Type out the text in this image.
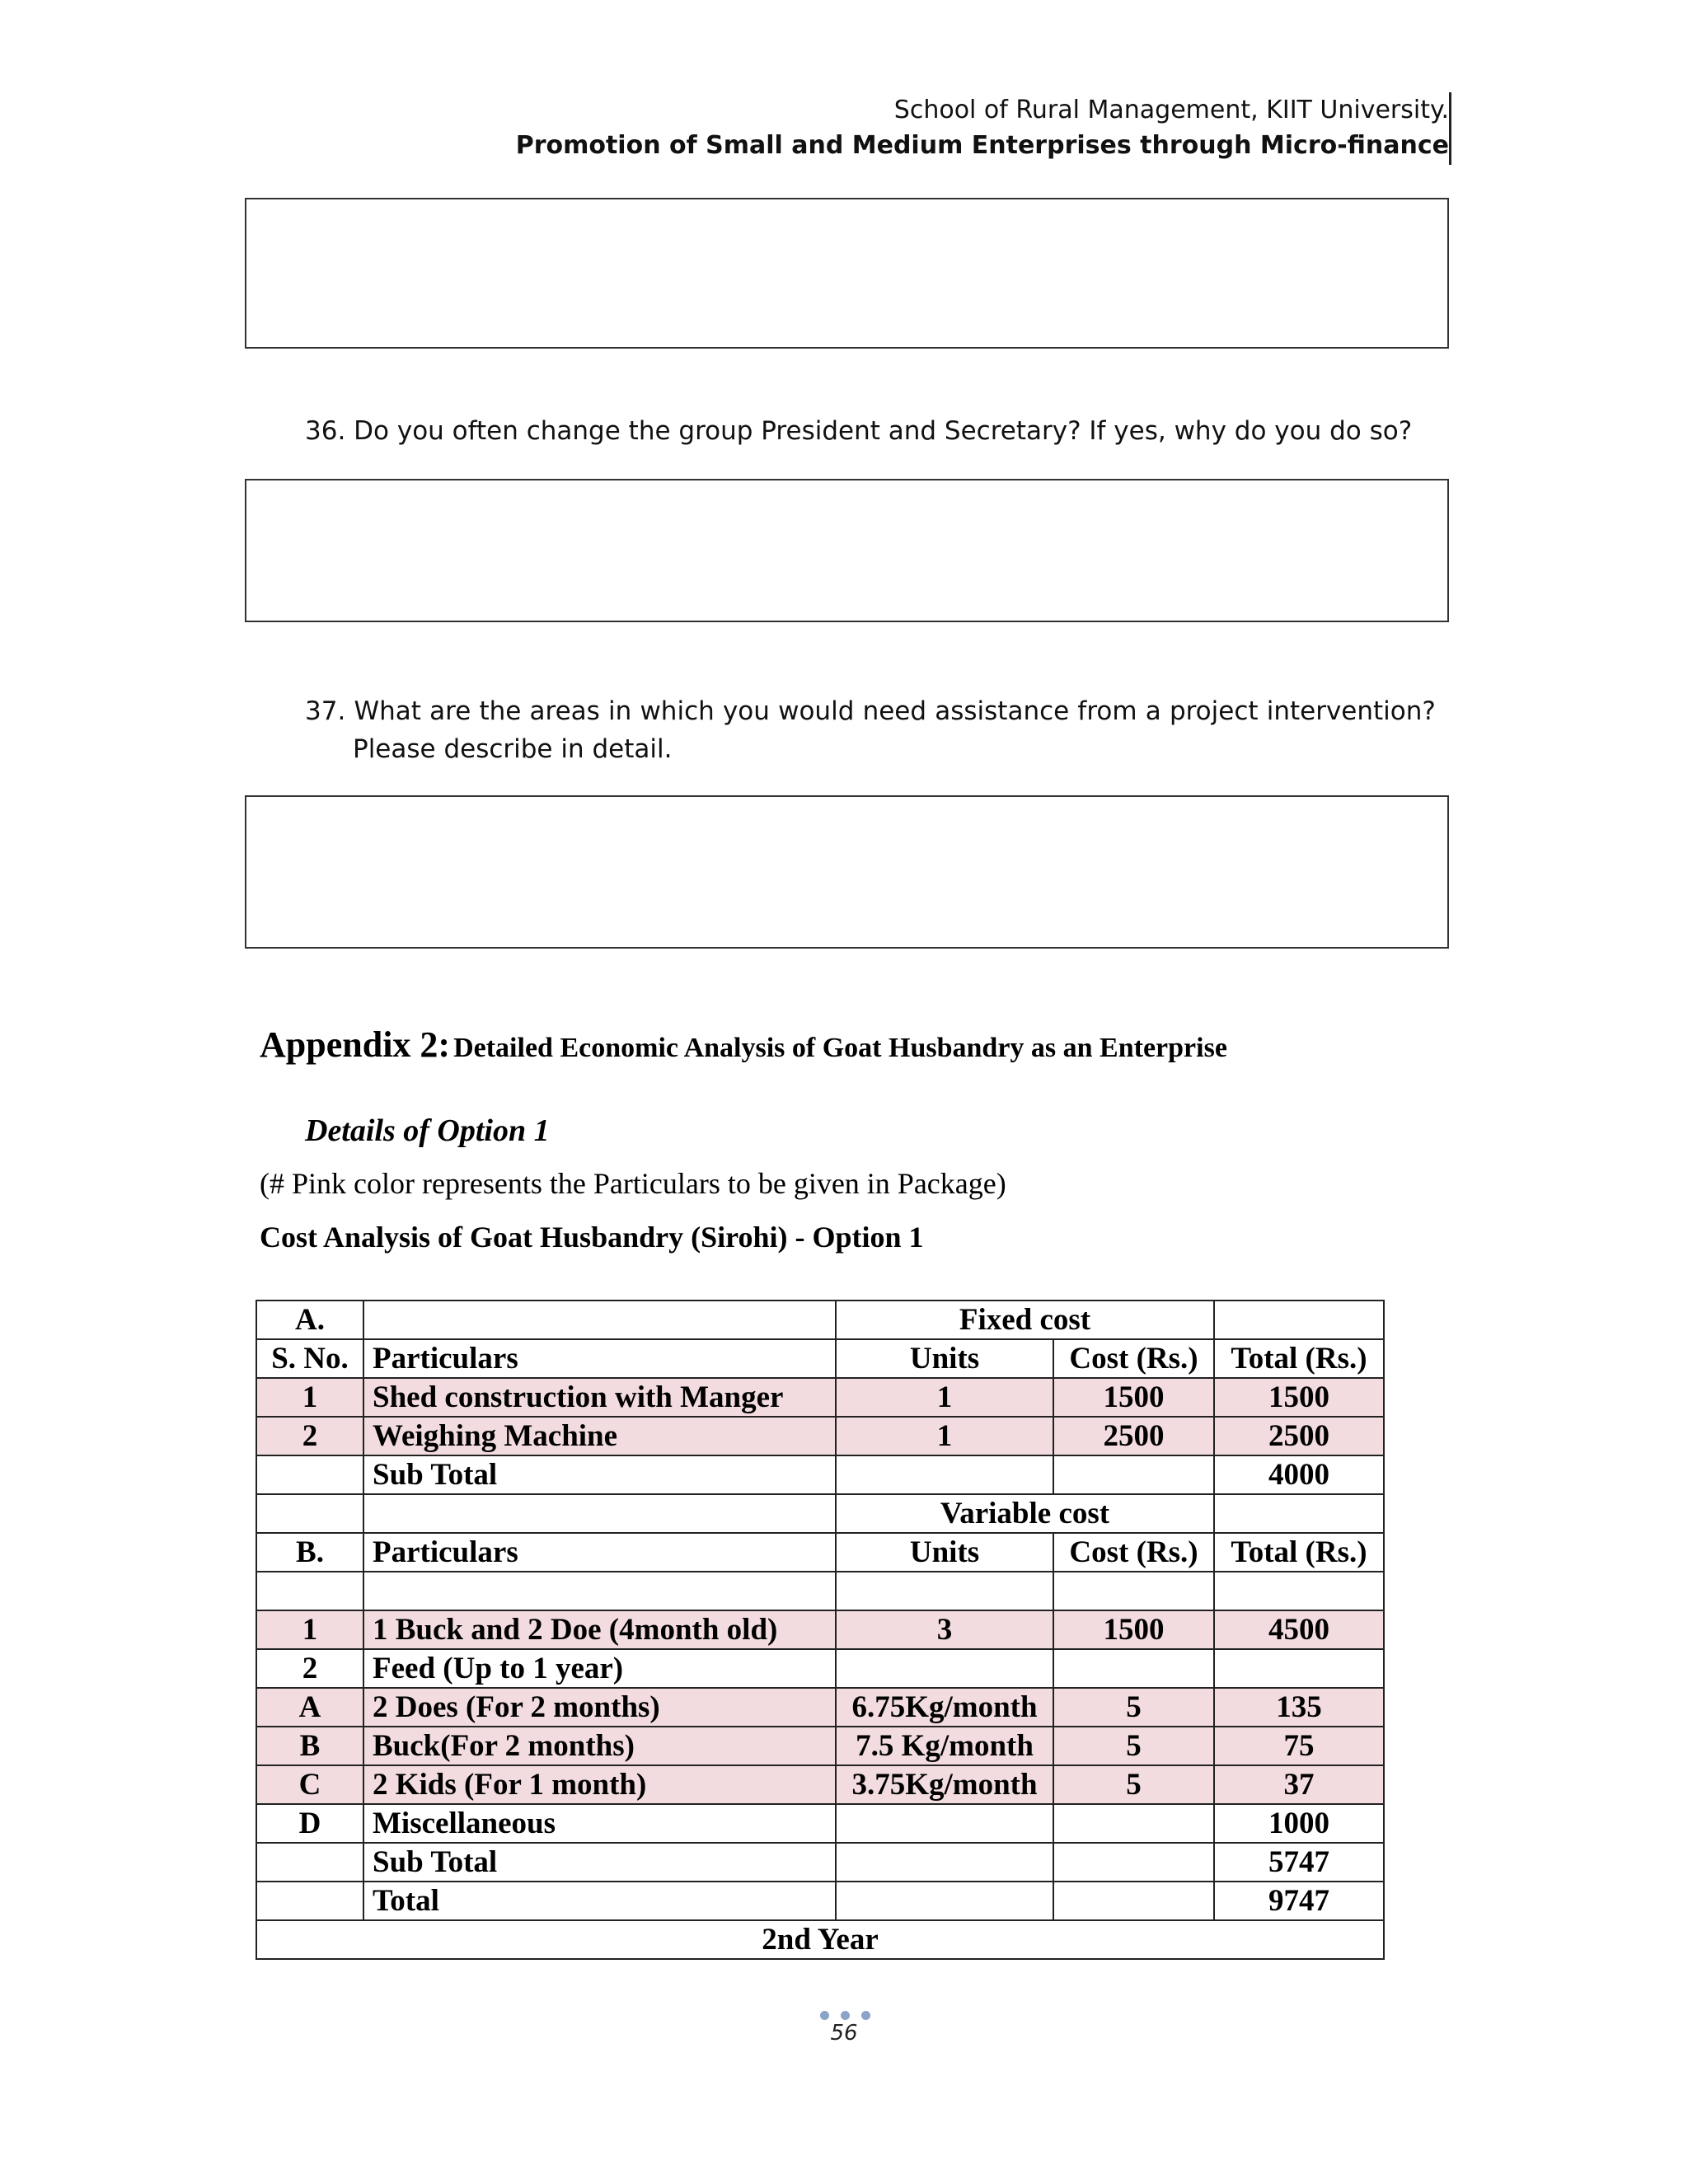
School of Rural Management, KIIT University.
Promotion of Small and Medium Enterprises through Micro-finance
36. Do you often change the group President and Secretary? If yes, why do you do so?
37. What are the areas in which you would need assistance from a project intervention?
Please describe in detail.
Appendix 2: Detailed Economic Analysis of Goat Husbandry as an Enterprise
Details of Option 1
(# Pink color represents the Particulars to be given in Package)
Cost Analysis of Goat Husbandry (Sirohi) - Option 1
A.		Fixed cost		
S. No.	Particulars	Units	Cost (Rs.)	Total (Rs.)
1	Shed construction with Manger	1	1500	1500
2	Weighing Machine	1	2500	2500
	Sub Total			4000
		Variable cost		
B.	Particulars	Units	Cost (Rs.)	Total (Rs.)

1	1 Buck and 2 Doe (4month old)	3	1500	4500
2	Feed (Up to 1 year)			
A	2 Does (For 2 months)	6.75Kg/month	5	135
B	Buck(For 2 months)	7.5 Kg/month	5	75
C	2 Kids (For 1 month)	3.75Kg/month	5	37
D	Miscellaneous			1000
	Sub Total			5747
	Total			9747
2nd Year				
56
